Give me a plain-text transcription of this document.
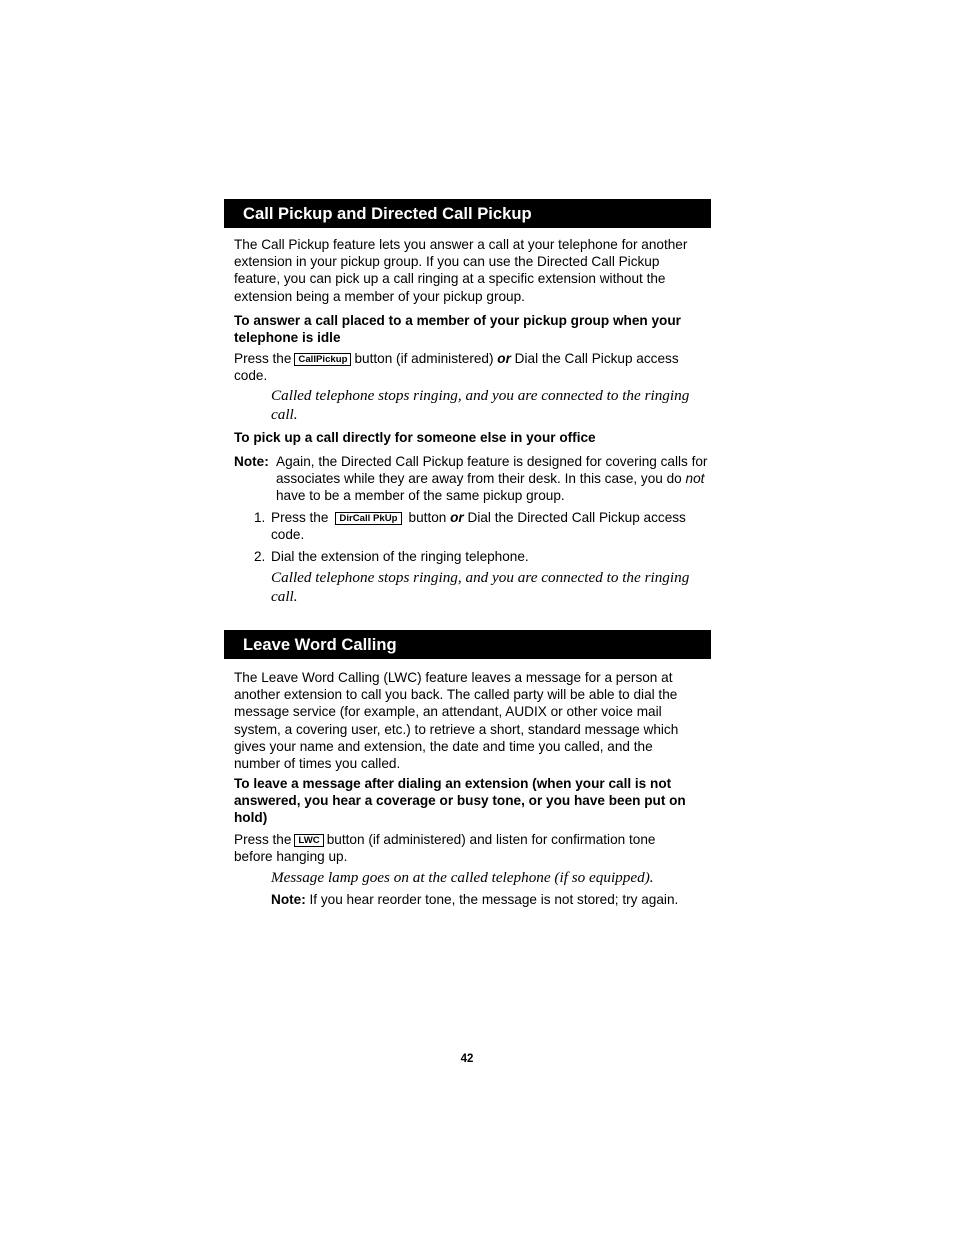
Call Pickup and Directed Call Pickup

The Call Pickup feature lets you answer a call at your telephone for another extension in your pickup group. If you can use the Directed Call Pickup feature, you can pick up a call ringing at a specific extension without the extension being a member of your pickup group.

To answer a call placed to a member of your pickup group when your telephone is idle

Press the CallPickup button (if administered) or Dial the Call Pickup access code.

Called telephone stops ringing, and you are connected to the ringing call.

To pick up a call directly for someone else in your office

Note: Again, the Directed Call Pickup feature is designed for covering calls for associates while they are away from their desk. In this case, you do not have to be a member of the same pickup group.

1. Press the DirCall PkUp button or Dial the Directed Call Pickup access code.

2. Dial the extension of the ringing telephone.

Called telephone stops ringing, and you are connected to the ringing call.

Leave Word Calling

The Leave Word Calling (LWC) feature leaves a message for a person at another extension to call you back. The called party will be able to dial the message service (for example, an attendant, AUDIX or other voice mail system, a covering user, etc.) to retrieve a short, standard message which gives your name and extension, the date and time you called, and the number of times you called.

To leave a message after dialing an extension (when your call is not answered, you hear a coverage or busy tone, or you have been put on hold)

Press the LWC button (if administered) and listen for confirmation tone before hanging up.

Message lamp goes on at the called telephone (if so equipped).

Note: If you hear reorder tone, the message is not stored; try again.

42
